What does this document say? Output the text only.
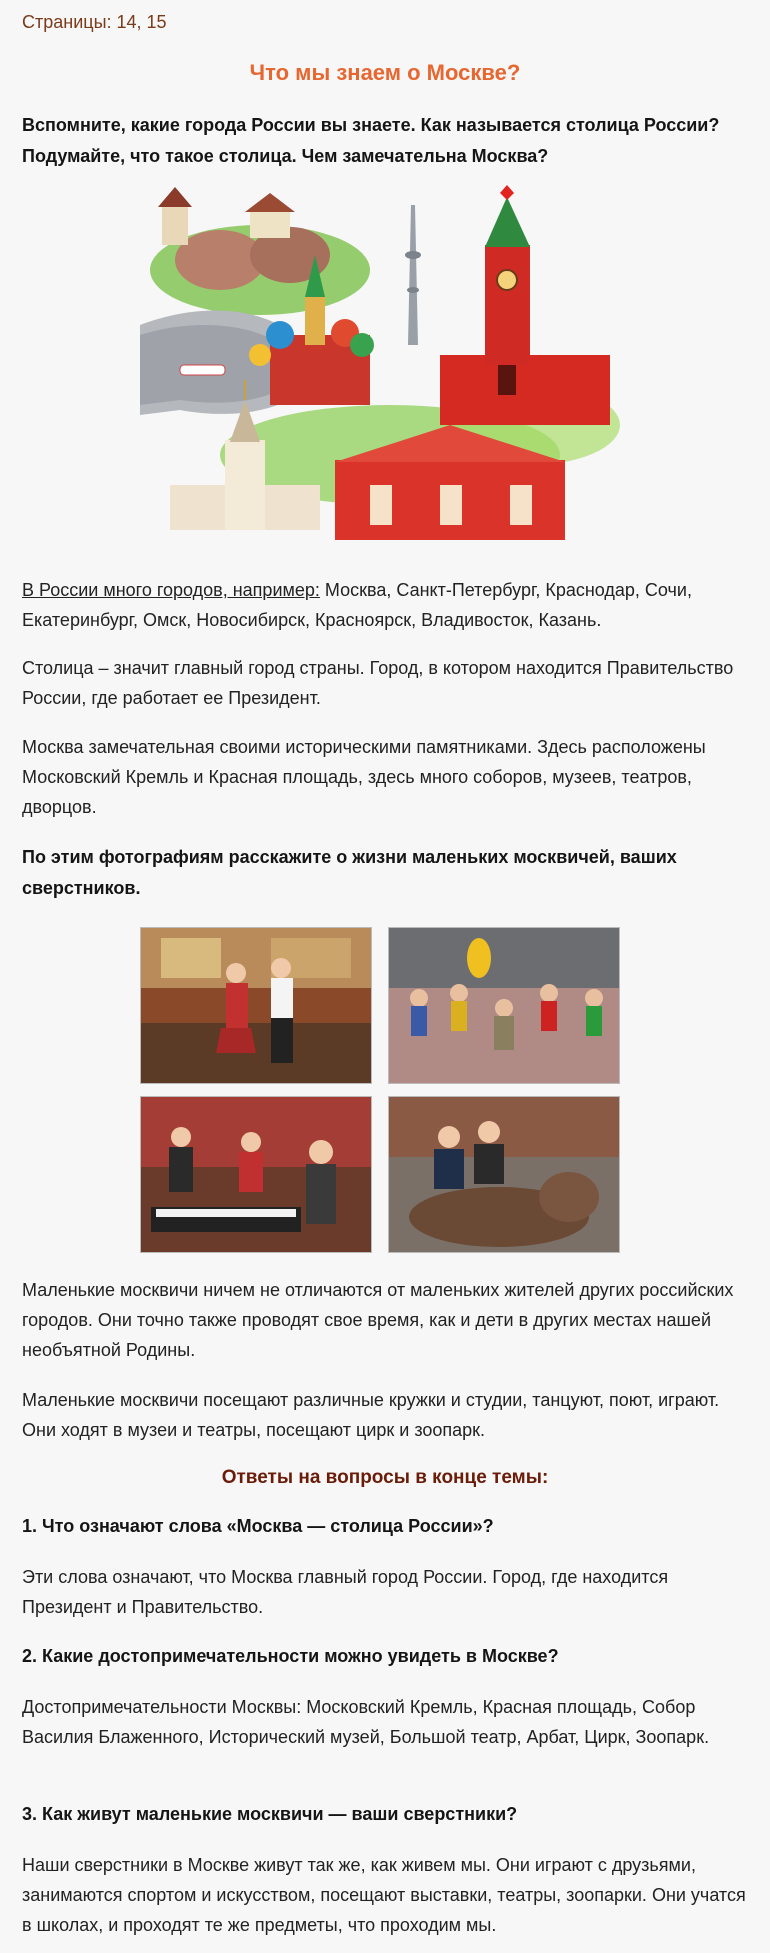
Страницы: 14, 15
Что мы знаем о Москве?
Вспомните, какие города России вы знаете. Как называется столица России? Подумайте, что такое столица. Чем замечательна Москва?
В России много городов, например: Москва, Санкт-Петербург, Краснодар, Сочи, Екатеринбург, Омск, Новосибирск, Красноярск, Владивосток, Казань.
Столица – значит главный город страны. Город, в котором находится Правительство России, где работает ее Президент.
Москва замечательная своими историческими памятниками. Здесь расположены Московский Кремль и Красная площадь, здесь много соборов, музеев, театров, дворцов.
По этим фотографиям расскажите о жизни маленьких москвичей, ваших сверстников.
Маленькие москвичи ничем не отличаются от маленьких жителей других российских городов. Они точно также проводят свое время, как и дети в других местах нашей необъятной Родины.
Маленькие москвичи посещают различные кружки и студии, танцуют, поют, играют. Они ходят в музеи и театры, посещают цирк и зоопарк.
Ответы на вопросы в конце темы:
1. Что означают слова «Москва — столица России»?
Эти слова означают, что Москва главный город России. Город, где находится Президент и Правительство.
2. Какие достопримечательности можно увидеть в Москве?
Достопримечательности Москвы: Московский Кремль, Красная площадь, Собор Василия Блаженного, Исторический музей, Большой театр, Арбат, Цирк, Зоопарк.
3. Как живут маленькие москвичи — ваши сверстники?
Наши сверстники в Москве живут так же, как живем мы. Они играют с друзьями, занимаются спортом и искусством, посещают выставки, театры, зоопарки. Они учатся в школах, и проходят те же предметы, что проходим мы.
